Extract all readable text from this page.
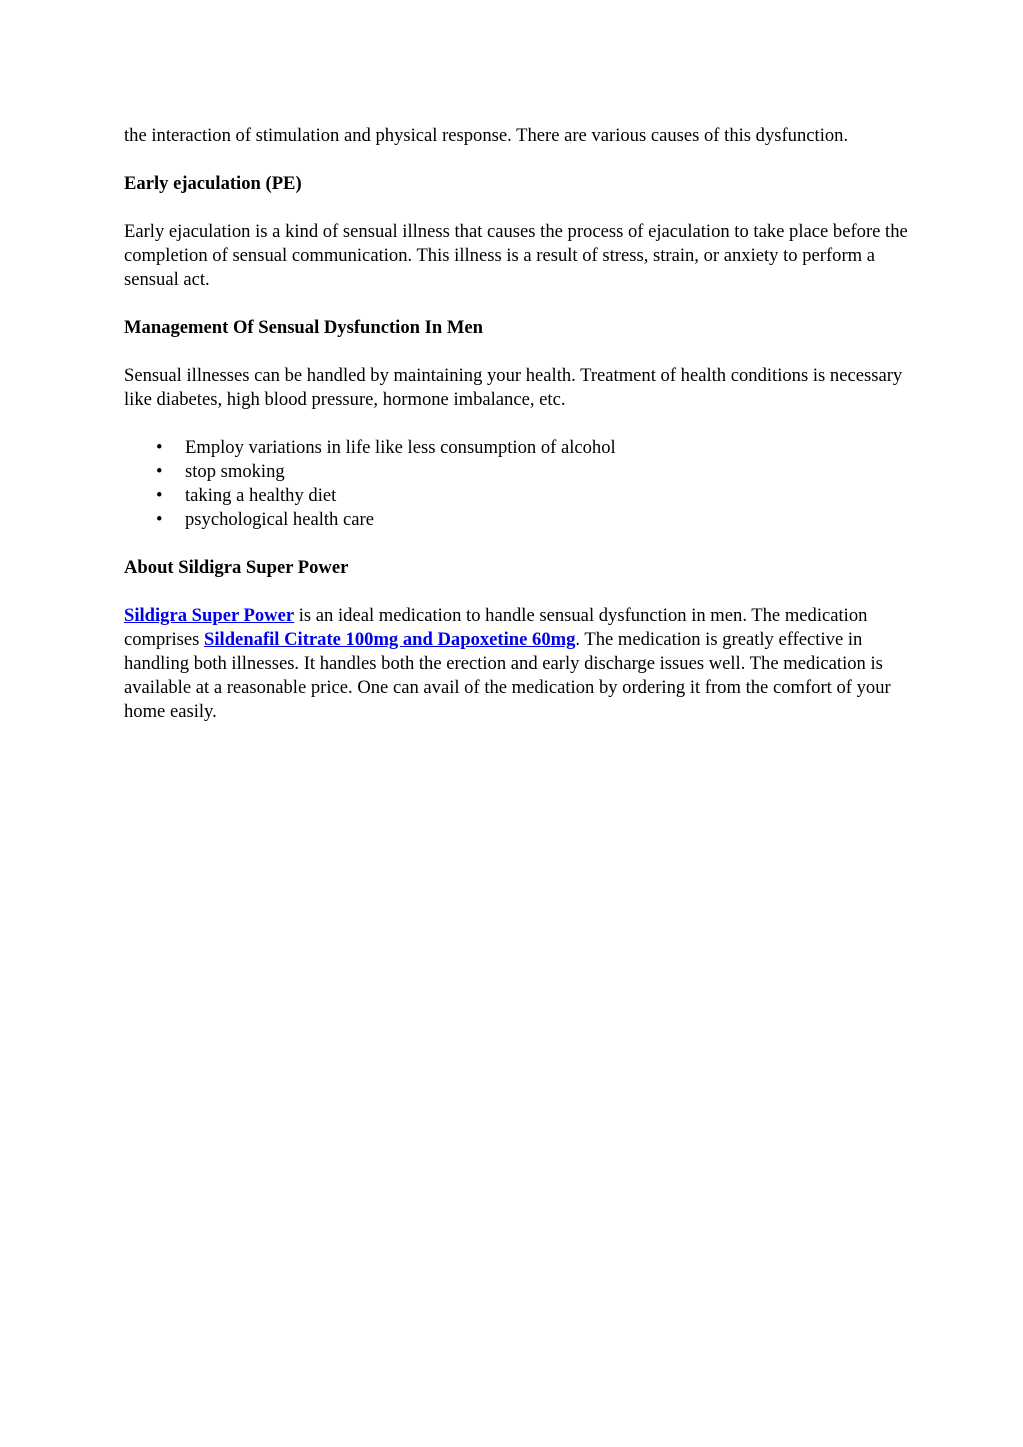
the interaction of stimulation and physical response. There are various causes of this dysfunction.

Early ejaculation (PE)

Early ejaculation is a kind of sensual illness that causes the process of ejaculation to take place before the completion of sensual communication. This illness is a result of stress, strain, or anxiety to perform a sensual act.

Management Of Sensual Dysfunction In Men

Sensual illnesses can be handled by maintaining your health. Treatment of health conditions is necessary like diabetes, high blood pressure, hormone imbalance, etc.

• Employ variations in life like less consumption of alcohol
• stop smoking
• taking a healthy diet
• psychological health care
About Sildigra Super Power

Sildigra Super Power is an ideal medication to handle sensual dysfunction in men. The medication comprises Sildenafil Citrate 100mg and Dapoxetine 60mg. The medication is greatly effective in handling both illnesses. It handles both the erection and early discharge issues well. The medication is available at a reasonable price. One can avail of the medication by ordering it from the comfort of your home easily.
